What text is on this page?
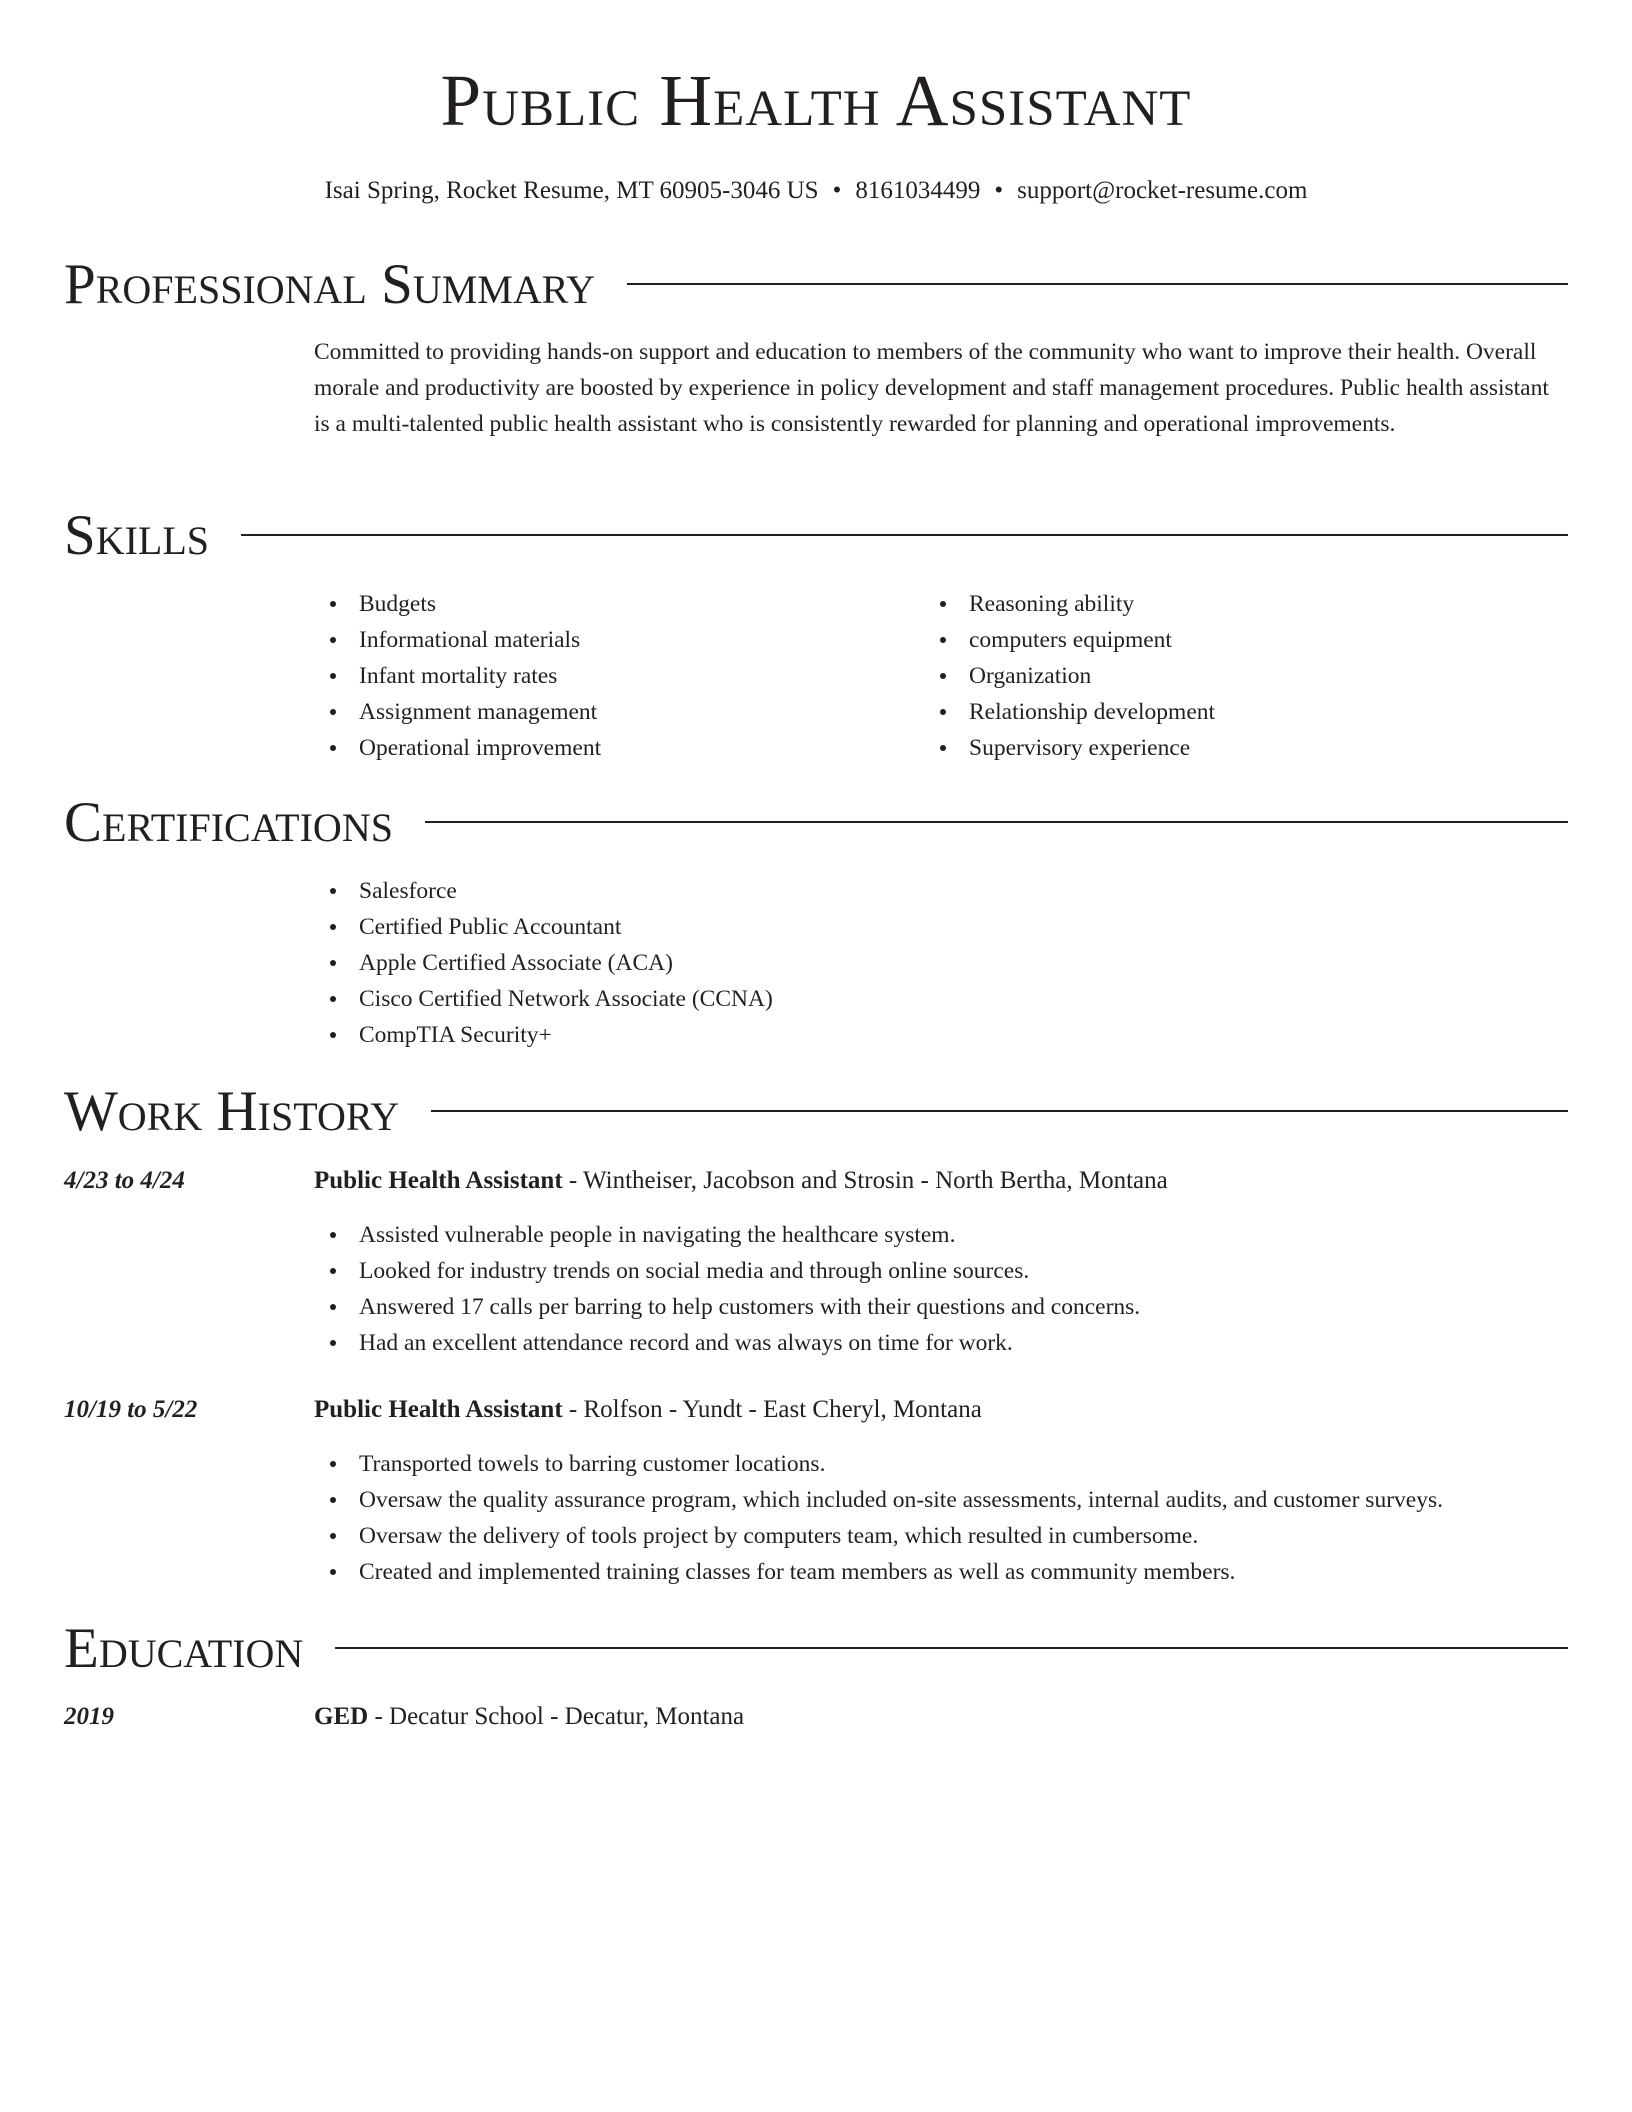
Public Health Assistant

Isai Spring, Rocket Resume, MT 60905-3046 US • 8161034499 • support@rocket-resume.com

Professional Summary

Committed to providing hands-on support and education to members of the community who want to improve their health. Overall morale and productivity are boosted by experience in policy development and staff management procedures. Public health assistant is a multi-talented public health assistant who is consistently rewarded for planning and operational improvements.

Skills
Budgets
Informational materials
Infant mortality rates
Assignment management
Operational improvement
Reasoning ability
computers equipment
Organization
Relationship development
Supervisory experience
Certifications
Salesforce
Certified Public Accountant
Apple Certified Associate (ACA)
Cisco Certified Network Associate (CCNA)
CompTIA Security+
Work History
4/23 to 4/24	Public Health Assistant - Wintheiser, Jacobson and Strosin - North Bertha, Montana

Assisted vulnerable people in navigating the healthcare system.
Looked for industry trends on social media and through online sources.
Answered 17 calls per barring to help customers with their questions and concerns.
Had an excellent attendance record and was always on time for work.
10/19 to 5/22	Public Health Assistant - Rolfson - Yundt - East Cheryl, Montana

Transported towels to barring customer locations.
Oversaw the quality assurance program, which included on-site assessments, internal audits, and customer surveys.
Oversaw the delivery of tools project by computers team, which resulted in cumbersome.
Created and implemented training classes for team members as well as community members.
Education
2019	GED - Decatur School - Decatur, Montana
